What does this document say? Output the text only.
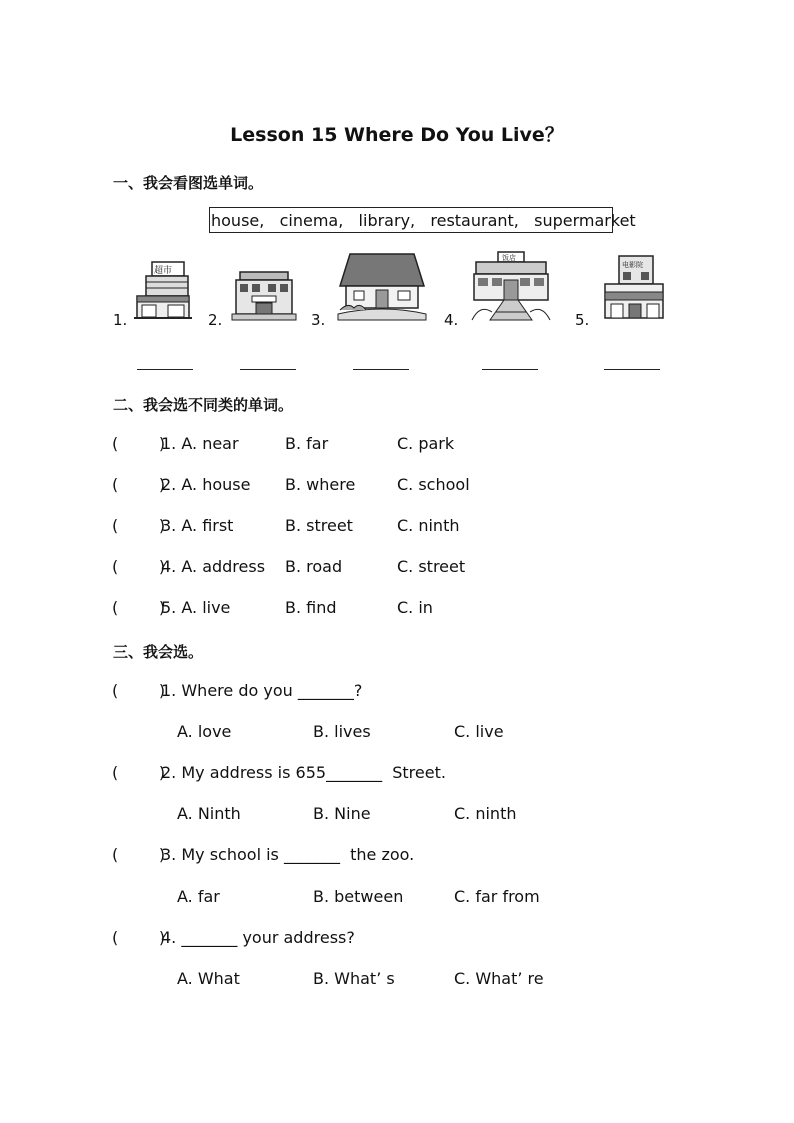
Lesson 15 Where Do You Live？
一、我会看图选单词。
house,   cinema,   library,   restaurant,   supermarket
1.
超市
2.	3.	4.
饭店
5.
电影院
二、我会选不同类的单词。
(        )
1. A. near	B. far	C. park
(        )
2. A. house B. where	C. school
(        )
3. A. first	B. street	C. ninth
(        )
4. A. address B. road	C. street
(        )
5. A. live	B. find	C. in
三、我会选。
(        )
1. Where do you _______?
A. love	B. lives	C. live
(        )
2. My address is 655_______  Street.
A. Ninth	B. Nine	C. ninth
(        )
3. My school is _______  the zoo.
A. far	B. between	C. far from
(        )
4. _______ your address?
A. What	B. What’ s	C. What’ re
